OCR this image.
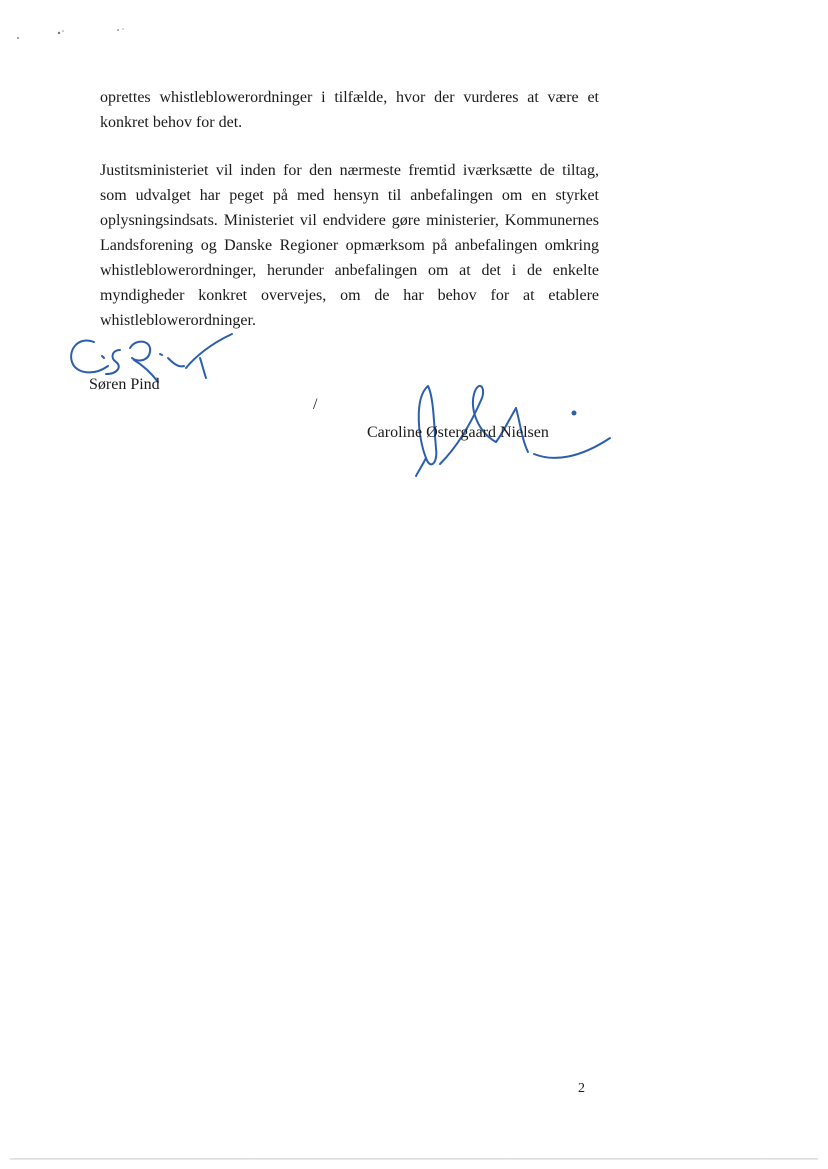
oprettes whistleblowerordninger i tilfælde, hvor der vurderes at være et konkret behov for det.

Justitsministeriet vil inden for den nærmeste fremtid iværksætte de tiltag, som udvalget har peget på med hensyn til anbefalingen om en styrket oplysningsindsats. Ministeriet vil endvidere gøre ministerier, Kommunernes Landsforening og Danske Regioner opmærksom på anbefalingen omkring whistleblowerordninger, herunder anbefalingen om at det i de enkelte myndigheder konkret overvejes, om de har behov for at etablere whistleblowerordninger.

Søren Pind
/
Caroline Østergaard Nielsen
2
